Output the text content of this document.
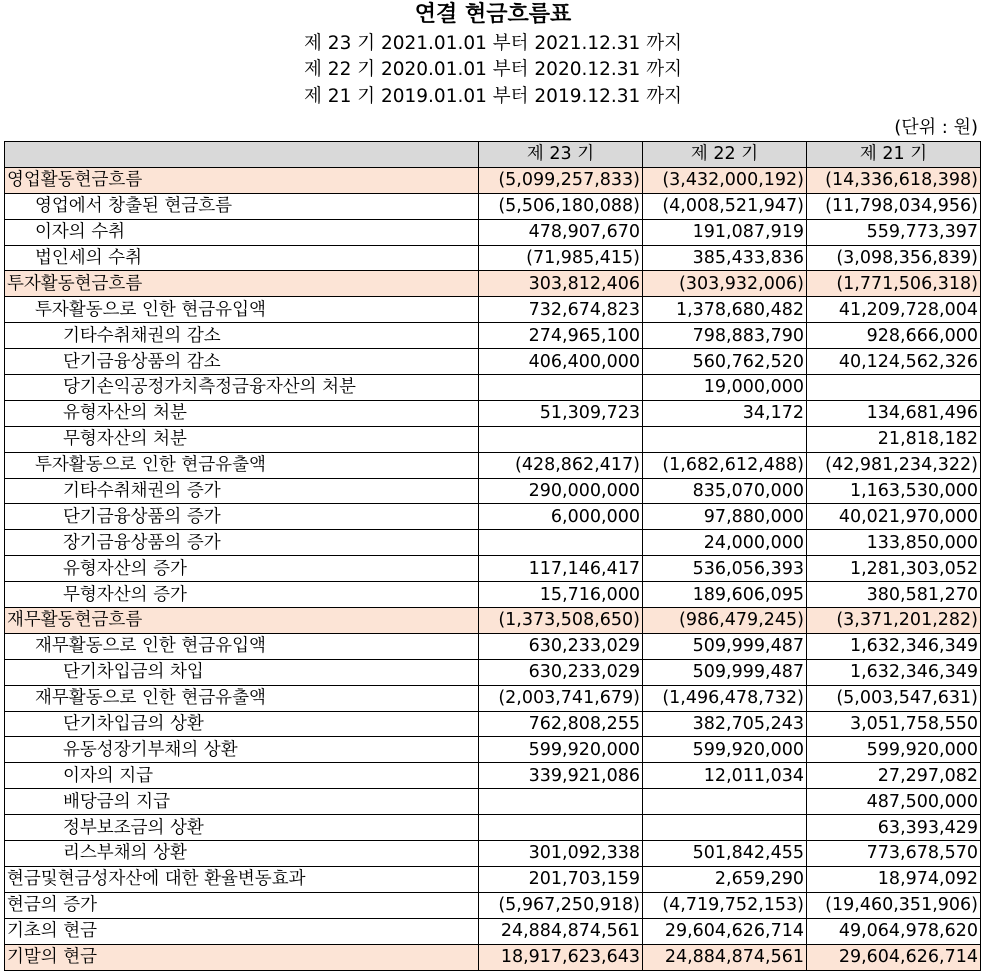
연결 현금흐름표
제 23 기 2021.01.01 부터 2021.12.31 까지
제 22 기 2020.01.01 부터 2020.12.31 까지
제 21 기 2019.01.01 부터 2019.12.31 까지
(단위 : 원)
	제 23 기	제 22 기	제 21 기
영업활동현금흐름	(5,099,257,833)	(3,432,000,192)	(14,336,618,398)
영업에서 창출된 현금흐름	(5,506,180,088)	(4,008,521,947)	(11,798,034,956)
이자의 수취	478,907,670	191,087,919	559,773,397
법인세의 수취	(71,985,415)	385,433,836	(3,098,356,839)
투자활동현금흐름	303,812,406	(303,932,006)	(1,771,506,318)
투자활동으로 인한 현금유입액	732,674,823	1,378,680,482	41,209,728,004
기타수취채권의 감소	274,965,100	798,883,790	928,666,000
단기금융상품의 감소	406,400,000	560,762,520	40,124,562,326
당기손익공정가치측정금융자산의 처분		19,000,000	
유형자산의 처분	51,309,723	34,172	134,681,496
무형자산의 처분			21,818,182
투자활동으로 인한 현금유출액	(428,862,417)	(1,682,612,488)	(42,981,234,322)
기타수취채권의 증가	290,000,000	835,070,000	1,163,530,000
단기금융상품의 증가	6,000,000	97,880,000	40,021,970,000
장기금융상품의 증가		24,000,000	133,850,000
유형자산의 증가	117,146,417	536,056,393	1,281,303,052
무형자산의 증가	15,716,000	189,606,095	380,581,270
재무활동현금흐름	(1,373,508,650)	(986,479,245)	(3,371,201,282)
재무활동으로 인한 현금유입액	630,233,029	509,999,487	1,632,346,349
단기차입금의 차입	630,233,029	509,999,487	1,632,346,349
재무활동으로 인한 현금유출액	(2,003,741,679)	(1,496,478,732)	(5,003,547,631)
단기차입금의 상환	762,808,255	382,705,243	3,051,758,550
유동성장기부채의 상환	599,920,000	599,920,000	599,920,000
이자의 지급	339,921,086	12,011,034	27,297,082
배당금의 지급			487,500,000
정부보조금의 상환			63,393,429
리스부채의 상환	301,092,338	501,842,455	773,678,570
현금및현금성자산에 대한 환율변동효과	201,703,159	2,659,290	18,974,092
현금의 증가	(5,967,250,918)	(4,719,752,153)	(19,460,351,906)
기초의 현금	24,884,874,561	29,604,626,714	49,064,978,620
기말의 현금	18,917,623,643	24,884,874,561	29,604,626,714
